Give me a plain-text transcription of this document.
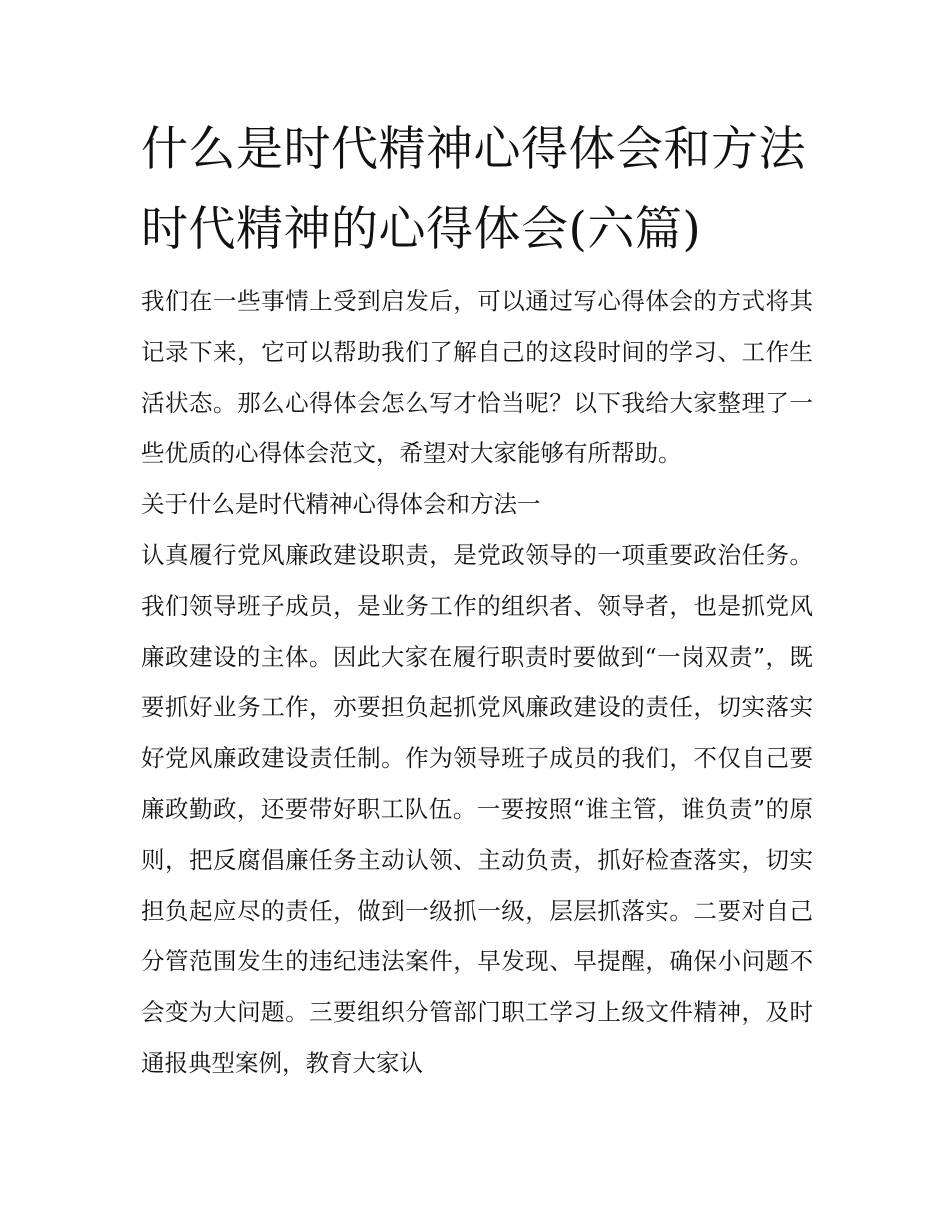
什么是时代精神心得体会和方法 时代精神的心得体会(六篇)

我们在一些事情上受到启发后，可以通过写心得体会的方式将其记录下来，它可以帮助我们了解自己的这段时间的学习、工作生活状态。那么心得体会怎么写才恰当呢？以下我给大家整理了一些优质的心得体会范文，希望对大家能够有所帮助。

关于什么是时代精神心得体会和方法一

认真履行党风廉政建设职责，是党政领导的一项重要政治任务。我们领导班子成员，是业务工作的组织者、领导者，也是抓党风廉政建设的主体。因此大家在履行职责时要做到“一岗双责”，既要抓好业务工作，亦要担负起抓党风廉政建设的责任，切实落实好党风廉政建设责任制。作为领导班子成员的我们，不仅自己要廉政勤政，还要带好职工队伍。一要按照“谁主管，谁负责”的原则，把反腐倡廉任务主动认领、主动负责，抓好检查落实，切实担负起应尽的责任，做到一级抓一级，层层抓落实。二要对自己分管范围发生的违纪违法案件，早发现、早提醒，确保小问题不会变为大问题。三要组织分管部门职工学习上级文件精神，及时通报典型案例，教育大家认
